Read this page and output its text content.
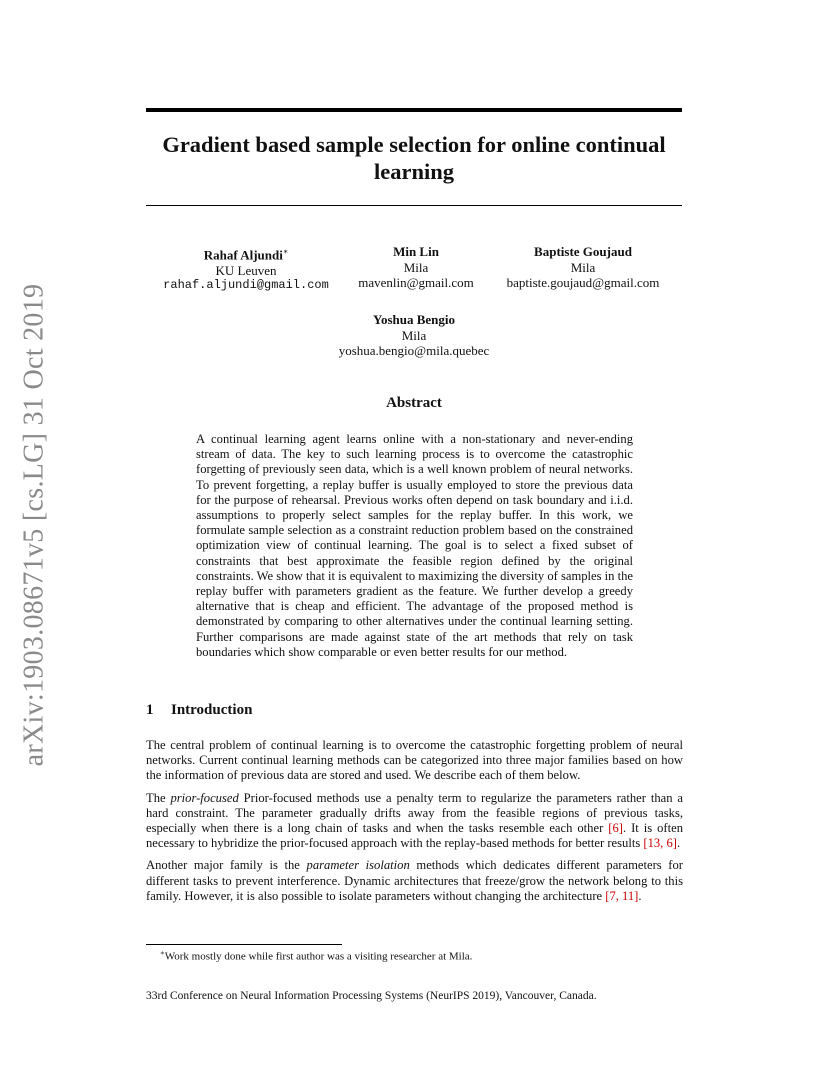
arXiv:1903.08671v5 [cs.LG] 31 Oct 2019
Gradient based sample selection for online continual learning
Rahaf Aljundi∗
KU Leuven
rahaf.aljundi@gmail.com
Min Lin
Mila
mavenlin@gmail.com
Baptiste Goujaud
Mila
baptiste.goujaud@gmail.com
Yoshua Bengio
Mila
yoshua.bengio@mila.quebec
Abstract

A continual learning agent learns online with a non-stationary and never-ending stream of data. The key to such learning process is to overcome the catastrophic forgetting of previously seen data, which is a well known problem of neural networks. To prevent forgetting, a replay buffer is usually employed to store the previous data for the purpose of rehearsal. Previous works often depend on task boundary and i.i.d. assumptions to properly select samples for the replay buffer. In this work, we formulate sample selection as a constraint reduction problem based on the constrained optimization view of continual learning. The goal is to select a fixed subset of constraints that best approximate the feasible region defined by the original constraints. We show that it is equivalent to maximizing the diversity of samples in the replay buffer with parameters gradient as the feature. We further develop a greedy alternative that is cheap and efficient. The advantage of the proposed method is demonstrated by comparing to other alternatives under the continual learning setting. Further comparisons are made against state of the art methods that rely on task boundaries which show comparable or even better results for our method.

1 Introduction

The central problem of continual learning is to overcome the catastrophic forgetting problem of neural networks. Current continual learning methods can be categorized into three major families based on how the information of previous data are stored and used. We describe each of them below.

The prior-focused Prior-focused methods use a penalty term to regularize the parameters rather than a hard constraint. The parameter gradually drifts away from the feasible regions of previous tasks, especially when there is a long chain of tasks and when the tasks resemble each other [6]. It is often necessary to hybridize the prior-focused approach with the replay-based methods for better results [13, 6].

Another major family is the parameter isolation methods which dedicates different parameters for different tasks to prevent interference. Dynamic architectures that freeze/grow the network belong to this family. However, it is also possible to isolate parameters without changing the architecture [7, 11].

∗Work mostly done while first author was a visiting researcher at Mila.
33rd Conference on Neural Information Processing Systems (NeurIPS 2019), Vancouver, Canada.
